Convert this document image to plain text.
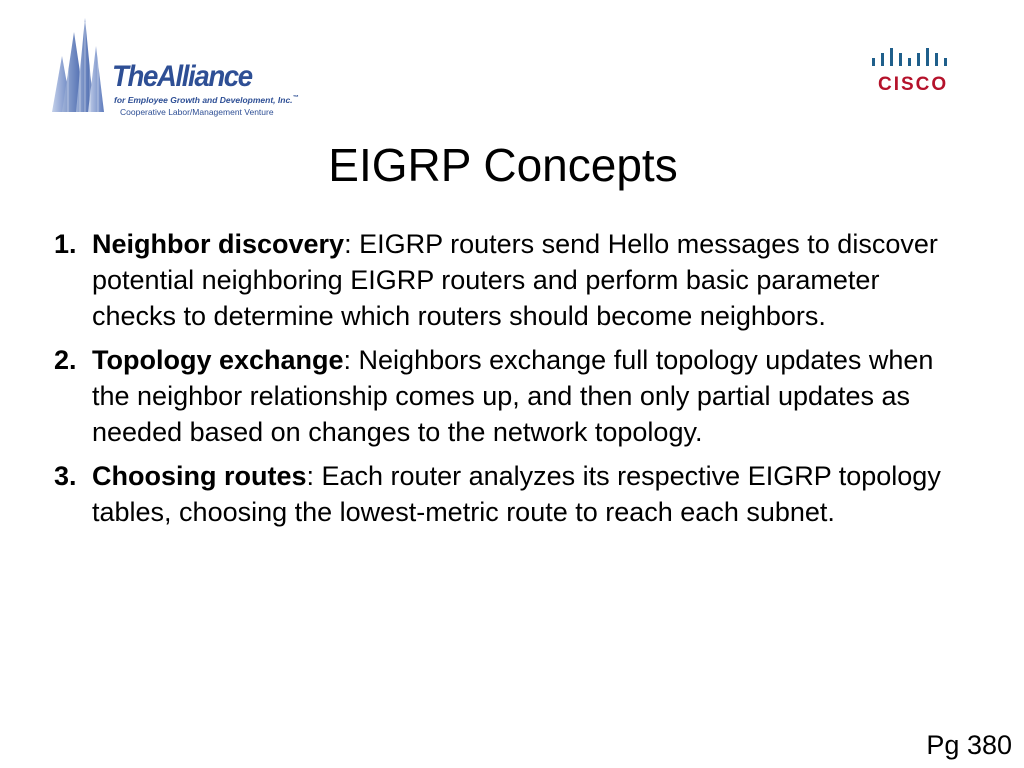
TheAlliance
for Employee Growth and Development, Inc.™
Cooperative Labor/Management Venture
CISCO
EIGRP Concepts
1. Neighbor discovery: EIGRP routers send Hello messages to discover potential neighboring EIGRP routers and perform basic parameter checks to determine which routers should become neighbors.
2. Topology exchange: Neighbors exchange full topology updates when the neighbor relationship comes up, and then only partial updates as needed based on changes to the network topology.
3. Choosing routes: Each router analyzes its respective EIGRP topology tables, choosing the lowest-metric route to reach each subnet.
Pg 380
